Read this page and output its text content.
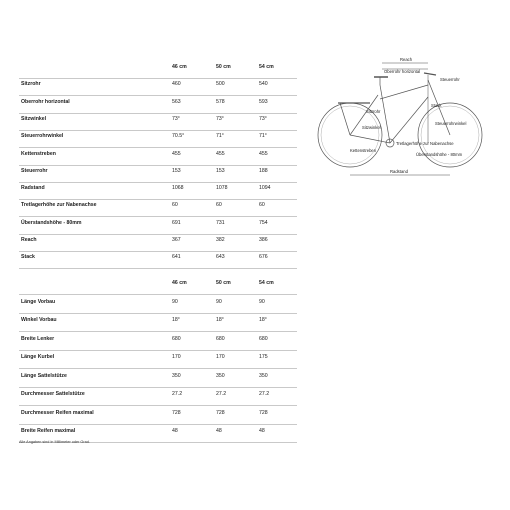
46 cm	50 cm	54 cm
Sitzrohr	460	500	540
Oberrohr horizontal	563	578	593
Sitzwinkel	73°	73°	73°
Steuerrohrwinkel	70.5°	71°	71°
Kettenstreben	455	455	455
Steuerrohr	153	153	188
Radstand	1068	1078	1094
Tretlagerhöhe zur Nabenachse	60	60	60
Überstandshöhe - 80mm	691	731	754
Reach	367	382	386
Stack	641	643	676
46 cm	50 cm	54 cm
Länge Vorbau	90	90	90
Winkel Vorbau	18°	18°	18°
Breite Lenker	680	680	680
Länge Kurbel	170	170	175
Länge Sattelstütze	350	350	350
Durchmesser Sattelstütze	27.2	27.2	27.2
Durchmesser Reifen maximal	728	728	728
Breite Reifen maximal	48	48	48
Alle Angaben sind in Millimeter oder Grad.
Reach
Oberrohr horizontal
Steuerrohr
Stack
Sitzrohr
Sitzwinkel
Steuerrohrwinkel
Kettenstreben
Tretlagerhöhe zur Nabenachse
Überstandshöhe - 80mm
Radstand
